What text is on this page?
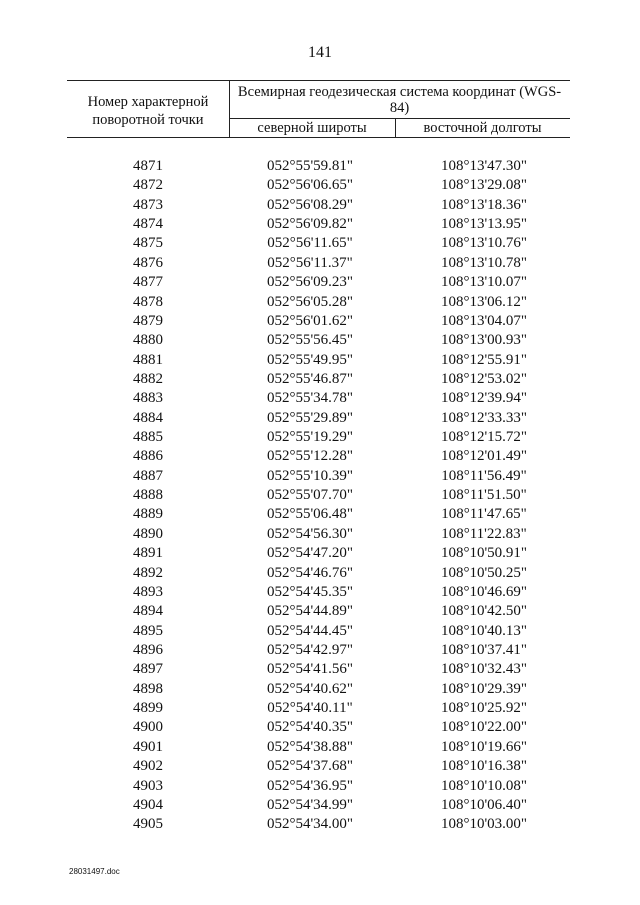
141
Номер характерной поворотной точки
Всемирная геодезическая система координат (WGS-84)
северной широты	восточной долготы
4871	052°55'59.81"	108°13'47.30"
4872	052°56'06.65"	108°13'29.08"
4873	052°56'08.29"	108°13'18.36"
4874	052°56'09.82"	108°13'13.95"
4875	052°56'11.65"	108°13'10.76"
4876	052°56'11.37"	108°13'10.78"
4877	052°56'09.23"	108°13'10.07"
4878	052°56'05.28"	108°13'06.12"
4879	052°56'01.62"	108°13'04.07"
4880	052°55'56.45"	108°13'00.93"
4881	052°55'49.95"	108°12'55.91"
4882	052°55'46.87"	108°12'53.02"
4883	052°55'34.78"	108°12'39.94"
4884	052°55'29.89"	108°12'33.33"
4885	052°55'19.29"	108°12'15.72"
4886	052°55'12.28"	108°12'01.49"
4887	052°55'10.39"	108°11'56.49"
4888	052°55'07.70"	108°11'51.50"
4889	052°55'06.48"	108°11'47.65"
4890	052°54'56.30"	108°11'22.83"
4891	052°54'47.20"	108°10'50.91"
4892	052°54'46.76"	108°10'50.25"
4893	052°54'45.35"	108°10'46.69"
4894	052°54'44.89"	108°10'42.50"
4895	052°54'44.45"	108°10'40.13"
4896	052°54'42.97"	108°10'37.41"
4897	052°54'41.56"	108°10'32.43"
4898	052°54'40.62"	108°10'29.39"
4899	052°54'40.11"	108°10'25.92"
4900	052°54'40.35"	108°10'22.00"
4901	052°54'38.88"	108°10'19.66"
4902	052°54'37.68"	108°10'16.38"
4903	052°54'36.95"	108°10'10.08"
4904	052°54'34.99"	108°10'06.40"
4905	052°54'34.00"	108°10'03.00"
28031497.doc
